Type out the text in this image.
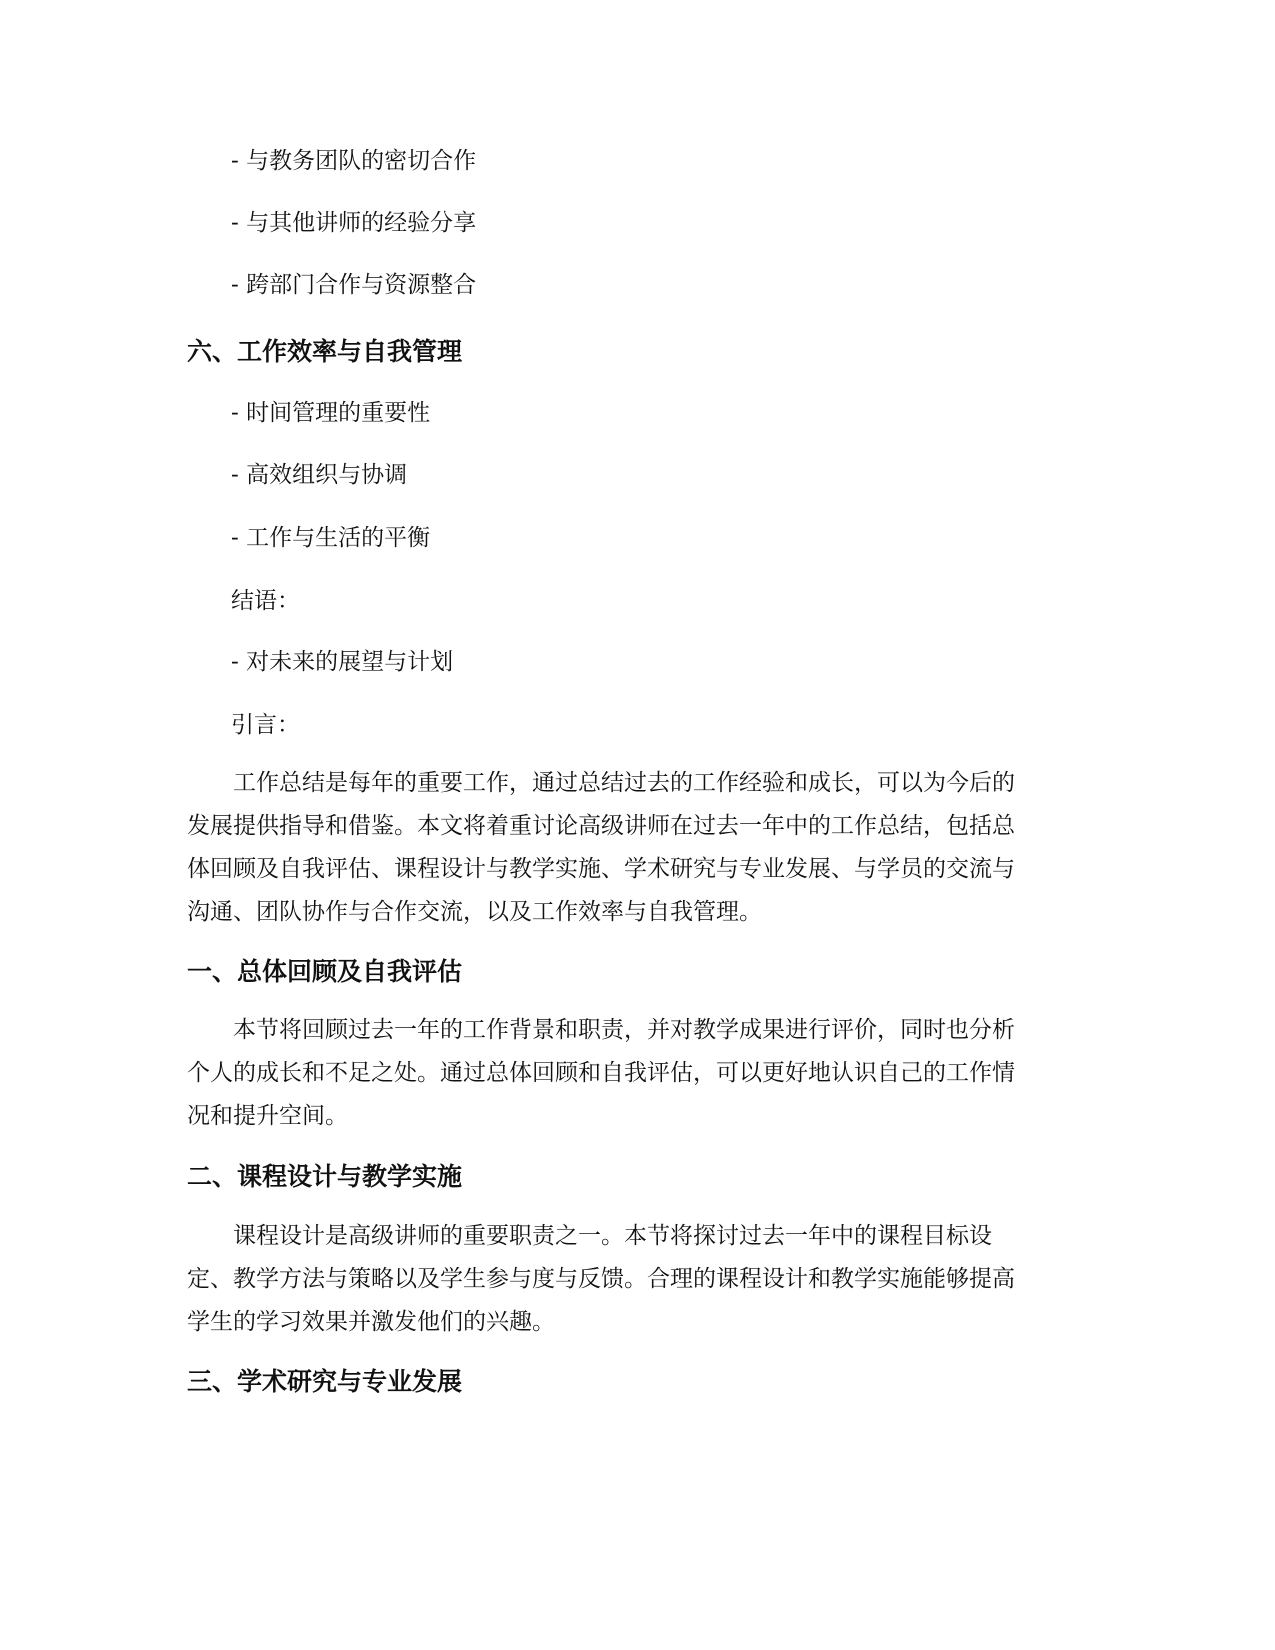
- 与教务团队的密切合作
- 与其他讲师的经验分享
- 跨部门合作与资源整合
六、工作效率与自我管理
- 时间管理的重要性
- 高效组织与协调
- 工作与生活的平衡
结语：
- 对未来的展望与计划
引言：
工作总结是每年的重要工作，通过总结过去的工作经验和成长，可以为今后的
发展提供指导和借鉴。本文将着重讨论高级讲师在过去一年中的工作总结，包括总
体回顾及自我评估、课程设计与教学实施、学术研究与专业发展、与学员的交流与
沟通、团队协作与合作交流，以及工作效率与自我管理。
一、总体回顾及自我评估
本节将回顾过去一年的工作背景和职责，并对教学成果进行评价，同时也分析
个人的成长和不足之处。通过总体回顾和自我评估，可以更好地认识自己的工作情
况和提升空间。
二、课程设计与教学实施
课程设计是高级讲师的重要职责之一。本节将探讨过去一年中的课程目标设
定、教学方法与策略以及学生参与度与反馈。合理的课程设计和教学实施能够提高
学生的学习效果并激发他们的兴趣。
三、学术研究与专业发展
